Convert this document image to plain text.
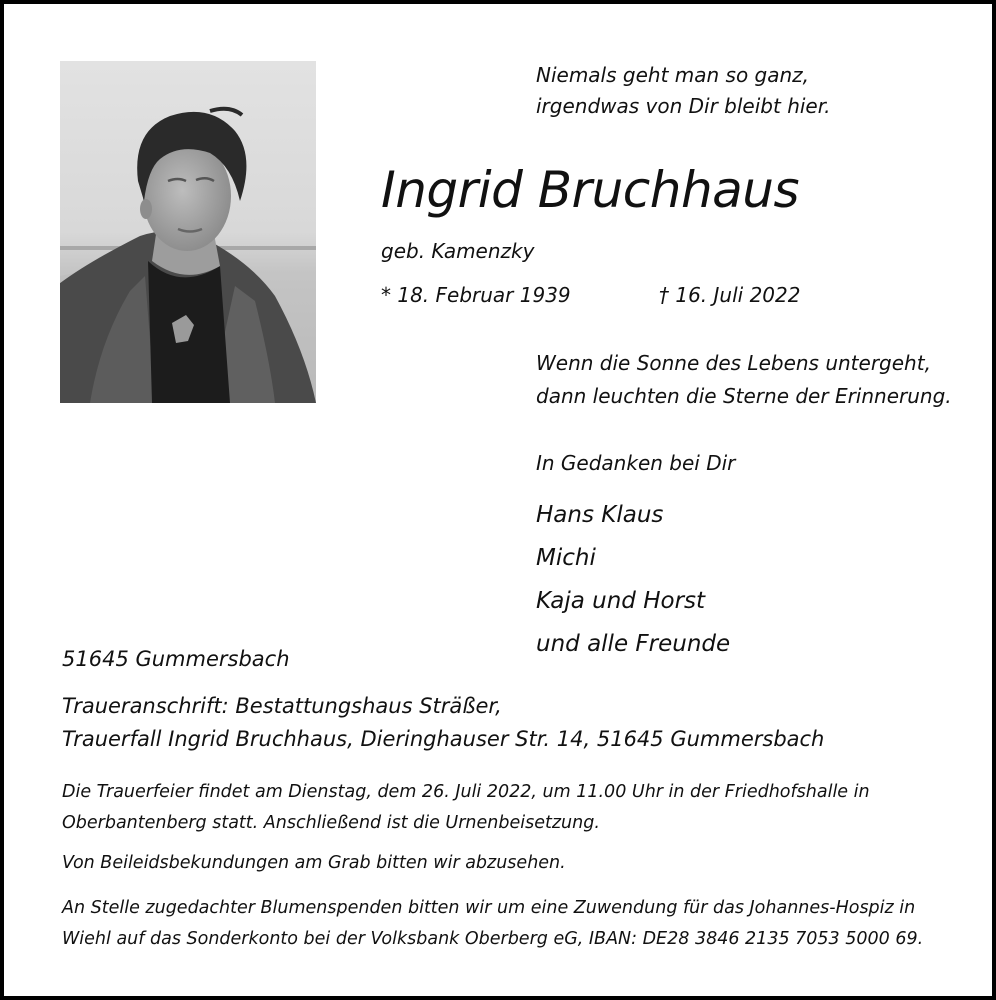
Niemals geht man so ganz,
irgendwas von Dir bleibt hier.
Ingrid Bruchhaus
geb. Kamenzky
* 18. Februar 1939	† 16. Juli 2022
Wenn die Sonne des Lebens untergeht,
dann leuchten die Sterne der Erinnerung.
In Gedanken bei Dir
Hans Klaus
Michi
Kaja und Horst
und alle Freunde
51645 Gummersbach
Traueranschrift: Bestattungshaus Sträßer,
Trauerfall Ingrid Bruchhaus, Dieringhauser Str. 14, 51645 Gummersbach
Die Trauerfeier findet am Dienstag, dem 26. Juli 2022, um 11.00 Uhr in der Friedhofshalle in
Oberbantenberg statt. Anschließend ist die Urnenbeisetzung.
Von Beileidsbekundungen am Grab bitten wir abzusehen.
An Stelle zugedachter Blumenspenden bitten wir um eine Zuwendung für das Johannes-Hospiz in
Wiehl auf das Sonderkonto bei der Volksbank Oberberg eG, IBAN: DE28 3846 2135 7053 5000 69.
